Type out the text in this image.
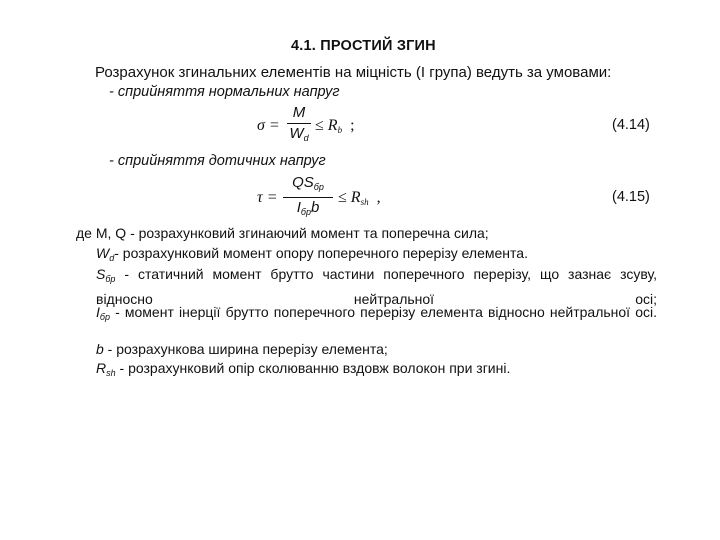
4.1. ПРОСТИЙ ЗГИН
Розрахунок згинальних елементів на міцність (І група) ведуть за умовами:
- сприйняття нормальних напруг
σ =
M
$W_d$
≤ $R_b$ ;	(4.14)
- сприйняття дотичних напруг
τ =
$QS_{бр}$
$I_{бр}b$
≤ $R_{sh}$ ,	(4.15)
де M, Q - розрахунковий згинаючий момент та поперечна сила;
$W_d-$ розрахунковий момент опору поперечного перерізу елемента.
$S_{бр}$ - статичний момент брутто частини поперечного перерізу, що зазнає зсуву, відносно нейтральної осі;
$I_{бр}$ - момент інерції брутто поперечного перерізу елемента відносно нейтральної осі.
b - розрахункова ширина перерізу елемента;
$R_{sh}$ - розрахунковий опір сколюванню вздовж волокон при згині.
